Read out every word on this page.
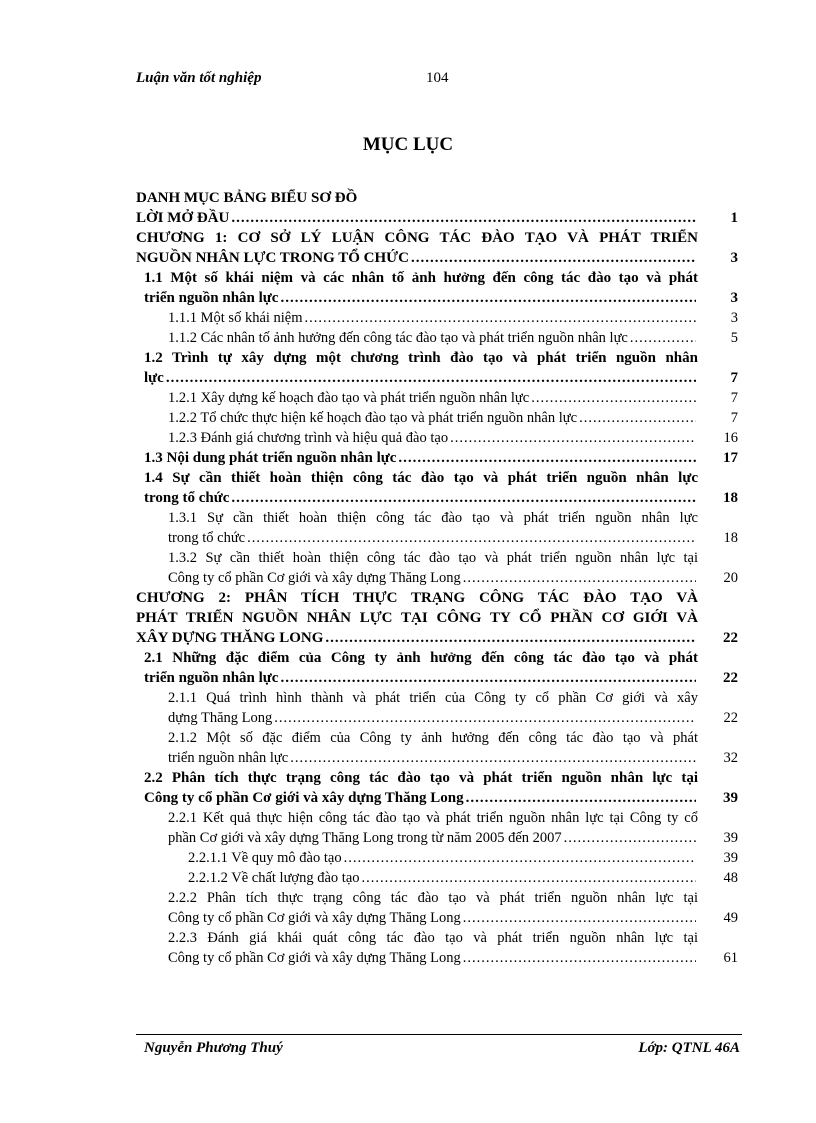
Luận văn tốt nghiệp	104
MỤC LỤC
DANH MỤC BẢNG BIỂU SƠ ĐỒ
LỜI MỞ ĐẦU .....	1
CHƯƠNG 1: CƠ SỞ LÝ LUẬN CÔNG TÁC ĐÀO TẠO VÀ PHÁT TRIỂN
NGUỒN NHÂN LỰC TRONG TỔ CHỨC .....	3
1.1 Một số khái niệm và các nhân tố ảnh hưởng đến công tác đào tạo và phát
triển nguồn nhân lực .....	3
1.1.1 Một số khái niệm .....	3
1.1.2 Các nhân tố ảnh hưởng đến công tác đào tạo và phát triển nguồn nhân lực .....	5
1.2 Trình tự xây dựng một chương trình đào tạo và phát triển nguồn nhân
lực .....	7
1.2.1 Xây dựng kế hoạch đào tạo và phát triển nguồn nhân lực .....	7
1.2.2 Tổ chức thực hiện kế hoạch đào tạo và phát triển nguồn nhân lực .....	7
1.2.3 Đánh giá chương trình và hiệu quả đào tạo .....	16
1.3 Nội dung phát triển nguồn nhân lực .....	17
1.4 Sự cần thiết hoàn thiện công tác đào tạo và phát triển nguồn nhân lực
trong tổ chức .....	18
1.3.1 Sự cần thiết hoàn thiện công tác đào tạo và phát triển nguồn nhân lực
trong tổ chức .....	18
1.3.2 Sự cần thiết hoàn thiện công tác đào tạo và phát triển nguồn nhân lực tại
Công ty cổ phần Cơ giới và xây dựng Thăng Long .....	20
CHƯƠNG 2: PHÂN TÍCH THỰC TRẠNG CÔNG TÁC ĐÀO TẠO VÀ
PHÁT TRIỂN NGUỒN NHÂN LỰC TẠI CÔNG TY CỔ PHẦN CƠ GIỚI VÀ
XÂY DỰNG THĂNG LONG .....	22
2.1 Những đặc điểm của Công ty ảnh hưởng đến công tác đào tạo và phát
triển nguồn nhân lực .....	22
2.1.1 Quá trình hình thành và phát triển của Công ty cổ phần Cơ giới và xây
dựng Thăng Long .....	22
2.1.2 Một số đặc điểm của Công ty ảnh hưởng đến công tác đào tạo và phát
triển nguồn nhân lực .....	32
2.2 Phân tích thực trạng công tác đào tạo và phát triển nguồn nhân lực tại
Công ty cổ phần Cơ giới và xây dựng Thăng Long .....	39
2.2.1 Kết quả thực hiện công tác đào tạo và phát triển nguồn nhân lực tại Công ty cổ
phần Cơ giới và xây dựng Thăng Long trong từ năm 2005 đến 2007 .....	39
2.2.1.1 Về quy mô đào tạo .....	39
2.2.1.2 Về chất lượng đào tạo .....	48
2.2.2 Phân tích thực trạng công tác đào tạo và phát triển nguồn nhân lực tại
Công ty cổ phần Cơ giới và xây dựng Thăng Long .....	49
2.2.3 Đánh giá khái quát công tác đào tạo và phát triển nguồn nhân lực tại
Công ty cổ phần Cơ giới và xây dựng Thăng Long .....	61
Nguyễn Phương Thuý	Lớp: QTNL 46A
